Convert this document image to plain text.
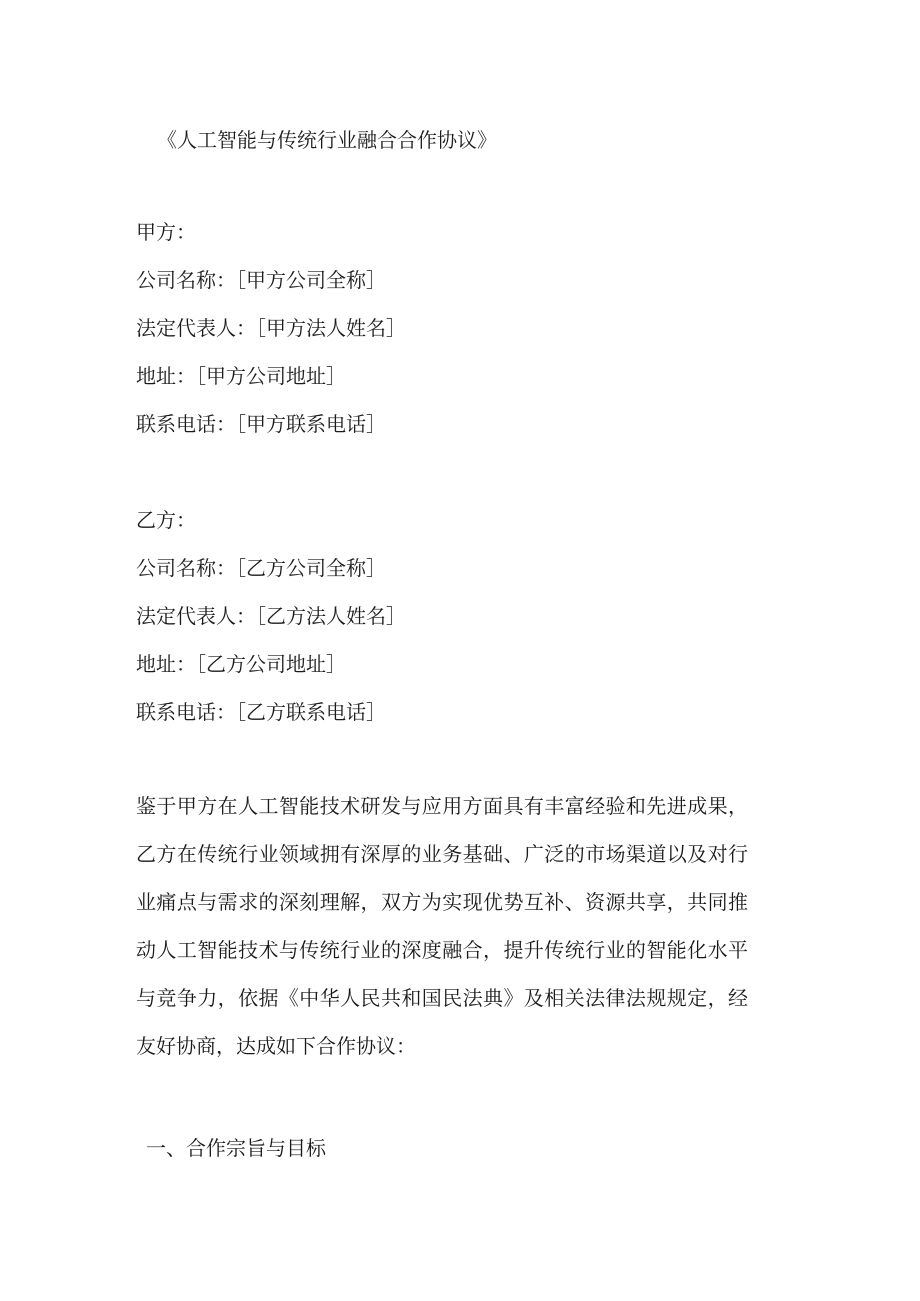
《人工智能与传统行业融合合作协议》
甲方：
公司名称：［甲方公司全称］
法定代表人：［甲方法人姓名］
地址：［甲方公司地址］
联系电话：［甲方联系电话］
乙方：
公司名称：［乙方公司全称］
法定代表人：［乙方法人姓名］
地址：［乙方公司地址］
联系电话：［乙方联系电话］
鉴于甲方在人工智能技术研发与应用方面具有丰富经验和先进成果，乙方在传统行业领域拥有深厚的业务基础、广泛的市场渠道以及对行业痛点与需求的深刻理解，双方为实现优势互补、资源共享，共同推动人工智能技术与传统行业的深度融合，提升传统行业的智能化水平与竞争力，依据《中华人民共和国民法典》及相关法律法规规定，经友好协商，达成如下合作协议：
一、合作宗旨与目标
